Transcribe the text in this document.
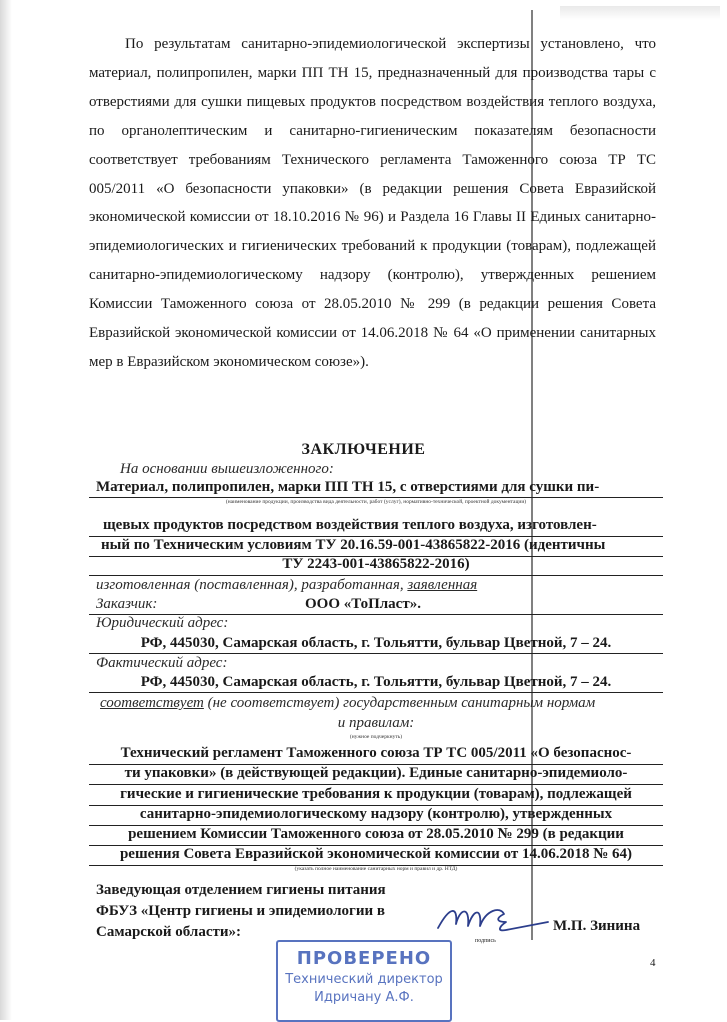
По результатам санитарно-эпидемиологической экспертизы установлено, что материал, полипропилен, марки ПП ТН 15, предназначенный для производства тары с отверстиями для сушки пищевых продуктов посредством воздействия теплого воздуха, по органолептическим и санитарно-гигиеническим показателям безопасности соответствует требованиям Технического регламента Таможенного союза ТР ТС 005/2011 «О безопасности упаковки» (в редакции решения Совета Евразийской экономической комиссии от 18.10.2016 № 96) и Раздела 16 Главы II Единых санитарно-эпидемиологических и гигиенических требований к продукции (товарам), подлежащей санитарно-эпидемиологическому надзору (контролю), утвержденных решением Комиссии Таможенного союза от 28.05.2010 № 299 (в редакции решения Совета Евразийской экономической комиссии от 14.06.2018 № 64 «О применении санитарных мер в Евразийском экономическом союзе»).
ЗАКЛЮЧЕНИЕ
На основании вышеизложенного:
Материал, полипропилен, марки ПП ТН 15, с отверстиями для сушки пи-
(наименование продукции, производства вида деятельности, работ (услуг), нормативно-технической, проектной документации)
щевых продуктов посредством воздействия теплого воздуха, изготовлен-
ный по Техническим условиям ТУ 20.16.59-001-43865822-2016 (идентичны
ТУ 2243-001-43865822-2016)
изготовленная (поставленная), разработанная, заявленная
Заказчик:	ООО «ТоПласт».
Юридический адрес:
РФ, 445030, Самарская область, г. Тольятти, бульвар Цветной, 7 – 24.
Фактический адрес:
РФ, 445030, Самарская область, г. Тольятти, бульвар Цветной, 7 – 24.
соответствует (не соответствует) государственным санитарным нормам
и правилам:
(нужное подчеркнуть)
Технический регламент Таможенного союза ТР ТС 005/2011 «О безопаснос-
ти упаковки» (в действующей редакции). Единые санитарно-эпидемиоло-
гические и гигиенические требования к продукции (товарам), подлежащей
санитарно-эпидемиологическому надзору (контролю), утвержденных
решением Комиссии Таможенного союза от 28.05.2010 № 299 (в редакции
решения Совета Евразийской экономической комиссии от 14.06.2018 № 64)
(указать полное наименование санитарных норм и правил и др. НТД)
Заведующая отделением гигиены питания
ФБУЗ «Центр гигиены и эпидемиологии в
Самарской области»:
подпись
М.П. Зинина
4
ПРОВЕРЕНО
Технический директор
Идричану А.Ф.
